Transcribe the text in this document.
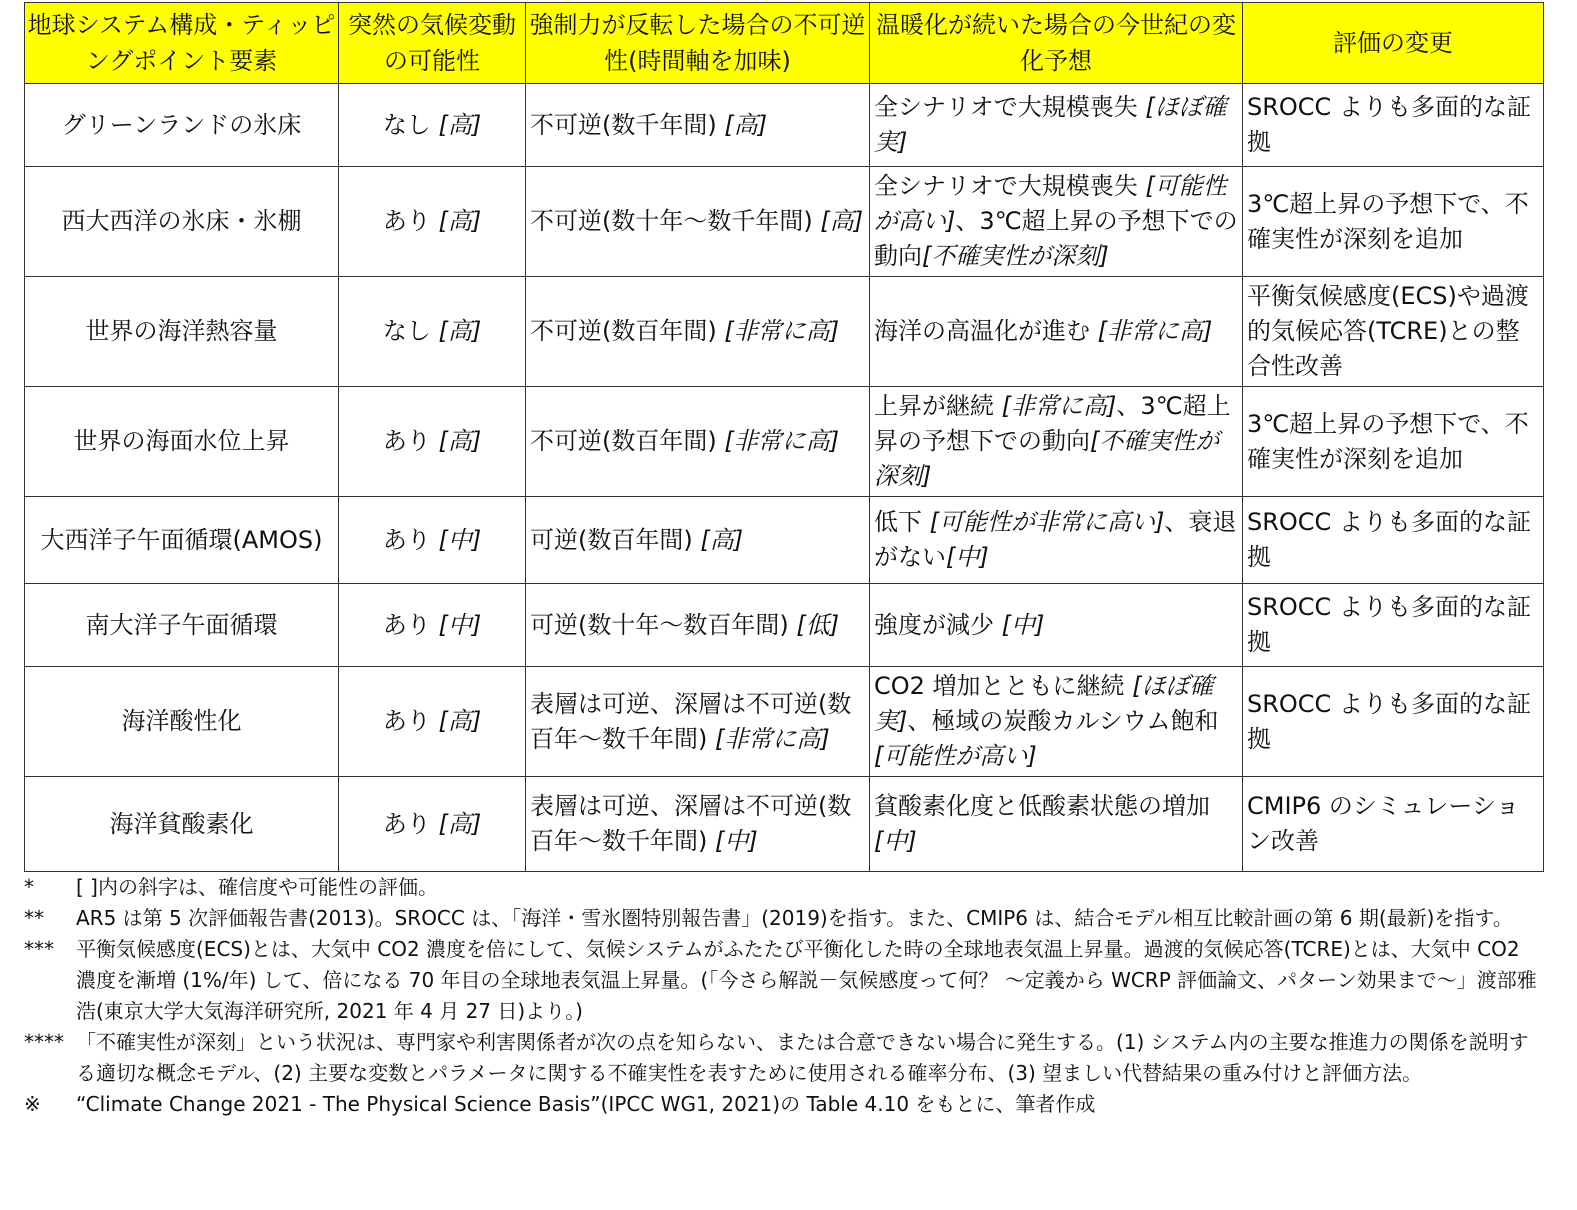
地球システム構成・ティッピングポイント要素	突然の気候変動の可能性	強制力が反転した場合の不可逆性(時間軸を加味)	温暖化が続いた場合の今世紀の変化予想	評価の変更
グリーンランドの氷床	なし [高]	不可逆(数千年間) [高]	全シナリオで大規模喪失 [ほぼ確実]	SROCC よりも多面的な証拠
西大西洋の氷床・氷棚	あり [高]	不可逆(数十年～数千年間) [高]	全シナリオで大規模喪失 [可能性が高い]、3℃超上昇の予想下での動向[不確実性が深刻]	3℃超上昇の予想下で、不確実性が深刻を追加
世界の海洋熱容量	なし [高]	不可逆(数百年間) [非常に高]	海洋の高温化が進む [非常に高]	平衡気候感度(ECS)や過渡的気候応答(TCRE)との整合性改善
世界の海面水位上昇	あり [高]	不可逆(数百年間) [非常に高]	上昇が継続 [非常に高]、3℃超上昇の予想下での動向[不確実性が深刻]	3℃超上昇の予想下で、不確実性が深刻を追加
大西洋子午面循環(AMOS)	あり [中]	可逆(数百年間) [高]	低下 [可能性が非常に高い]、衰退がない[中]	SROCC よりも多面的な証拠
南大洋子午面循環	あり [中]	可逆(数十年～数百年間) [低]	強度が減少 [中]	SROCC よりも多面的な証拠
海洋酸性化	あり [高]	表層は可逆、深層は不可逆(数百年～数千年間) [非常に高]	CO2 増加とともに継続 [ほぼ確実]、極域の炭酸カルシウム飽和[可能性が高い]	SROCC よりも多面的な証拠
海洋貧酸素化	あり [高]	表層は可逆、深層は不可逆(数百年～数千年間) [中]	貧酸素化度と低酸素状態の増加 [中]	CMIP6 のシミュレーション改善
*	[ ]内の斜字は、確信度や可能性の評価。
**	AR5 は第 5 次評価報告書(2013)。SROCC は、「海洋・雪氷圏特別報告書」(2019)を指す。また、CMIP6 は、結合モデル相互比較計画の第 6 期(最新)を指す。
***	平衡気候感度(ECS)とは、大気中 CO2 濃度を倍にして、気候システムがふたたび平衡化した時の全球地表気温上昇量。過渡的気候応答(TCRE)とは、大気中 CO2 濃度を漸増 (1%/年) して、倍になる 70 年目の全球地表気温上昇量。(「今さら解説－気候感度って何？ ～定義から WCRP 評価論文、パターン効果まで～」渡部雅浩(東京大学大気海洋研究所, 2021 年 4 月 27 日)より。)
**** 「不確実性が深刻」という状況は、専門家や利害関係者が次の点を知らない、または合意できない場合に発生する。(1) システム内の主要な推進力の関係を説明する適切な概念モデル、(2) 主要な変数とパラメータに関する不確実性を表すために使用される確率分布、(3) 望ましい代替結果の重み付けと評価方法。
※	“Climate Change 2021 - The Physical Science Basis”(IPCC WG1, 2021)の Table 4.10 をもとに、筆者作成
